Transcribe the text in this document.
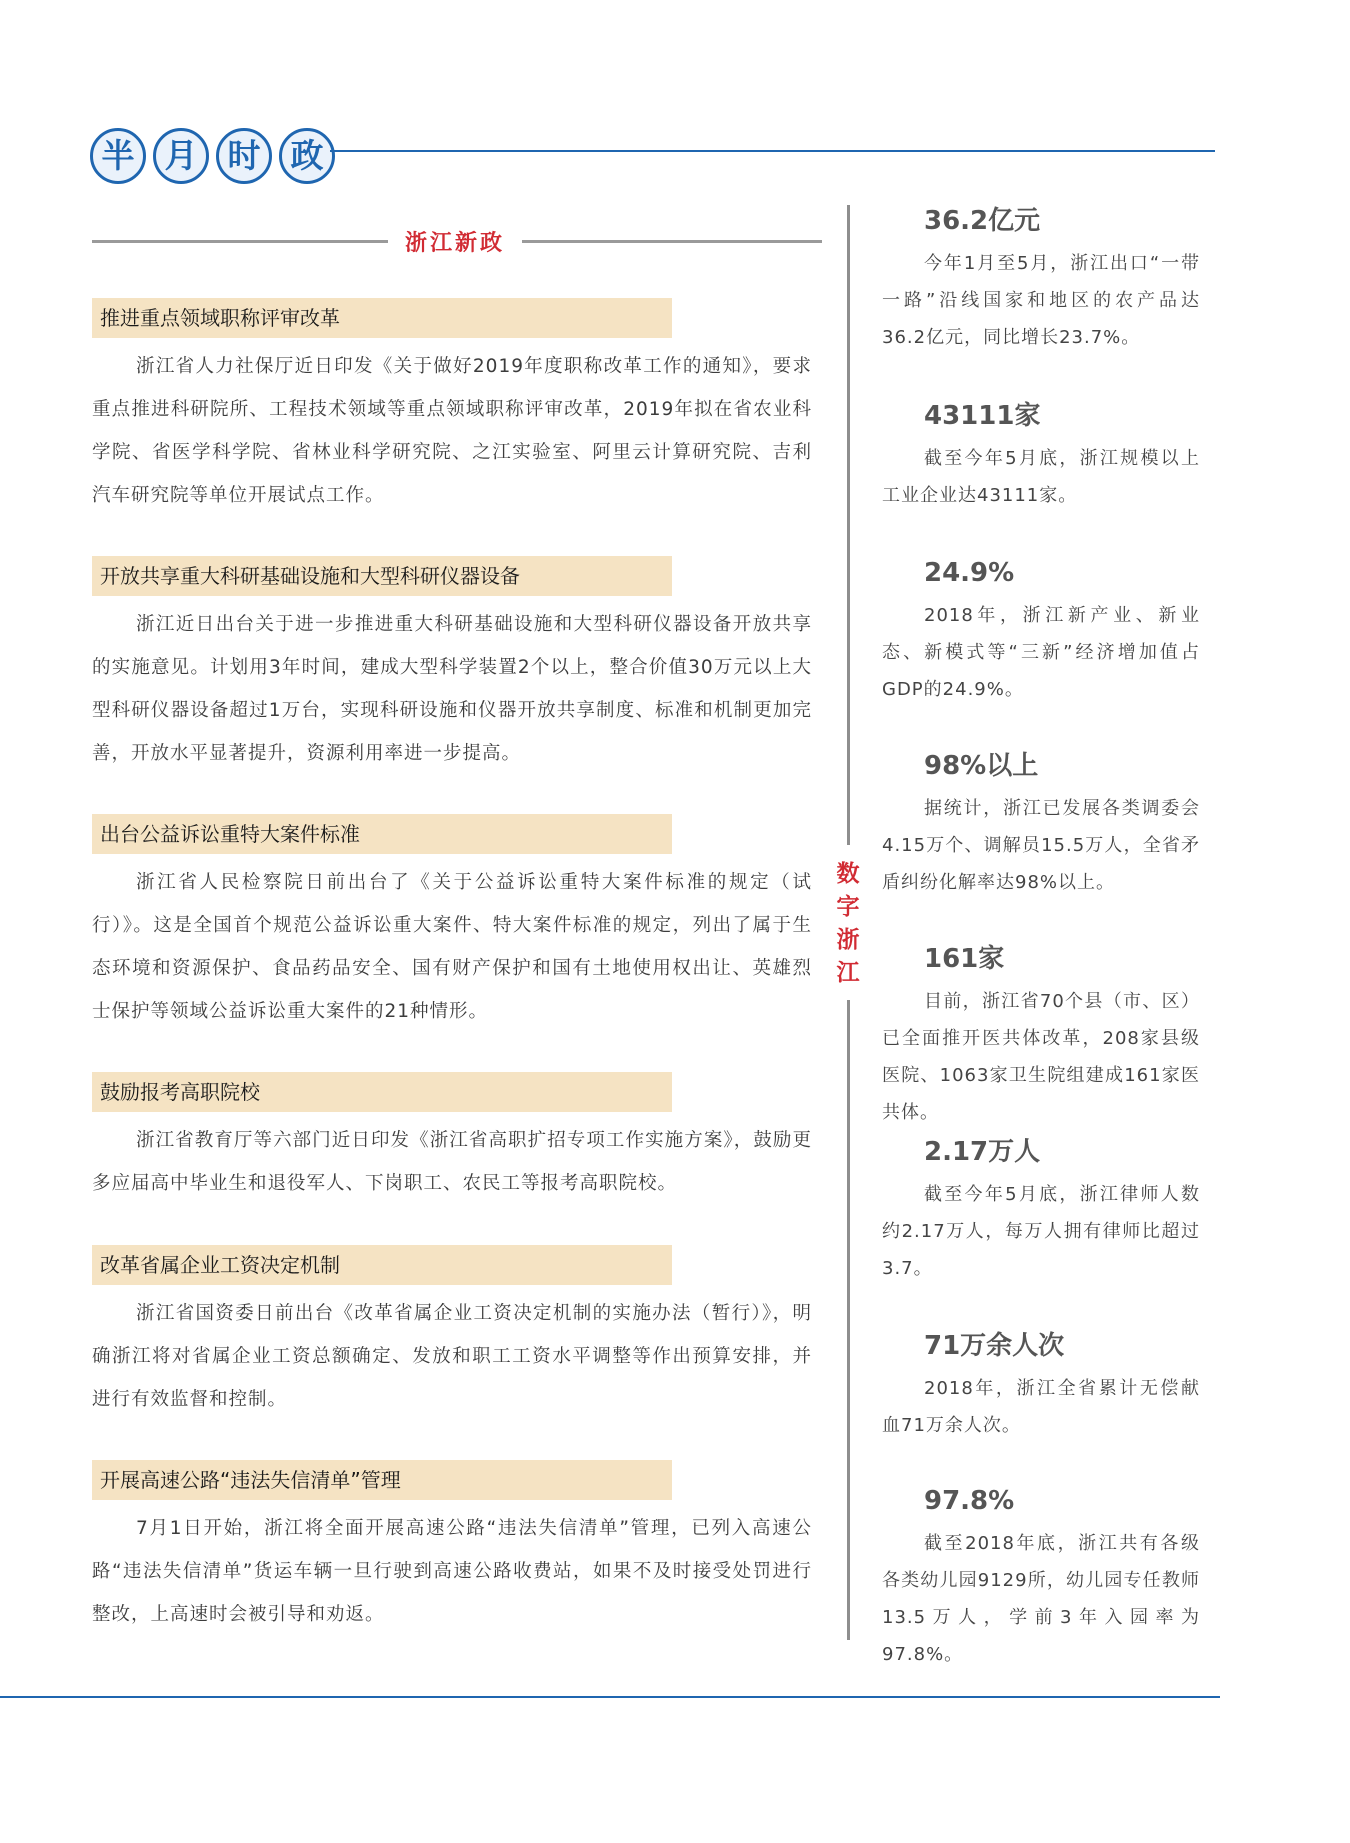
半 月 时 政
浙江新政
推进重点领域职称评审改革

浙江省人力社保厅近日印发《关于做好2019年度职称改革工作的通知》，要求重点推进科研院所、工程技术领域等重点领域职称评审改革，2019年拟在省农业科学院、省医学科学院、省林业科学研究院、之江实验室、阿里云计算研究院、吉利汽车研究院等单位开展试点工作。

开放共享重大科研基础设施和大型科研仪器设备

浙江近日出台关于进一步推进重大科研基础设施和大型科研仪器设备开放共享的实施意见。计划用3年时间，建成大型科学装置2个以上，整合价值30万元以上大型科研仪器设备超过1万台，实现科研设施和仪器开放共享制度、标准和机制更加完善，开放水平显著提升，资源利用率进一步提高。

出台公益诉讼重特大案件标准

浙江省人民检察院日前出台了《关于公益诉讼重特大案件标准的规定（试行）》。这是全国首个规范公益诉讼重大案件、特大案件标准的规定，列出了属于生态环境和资源保护、食品药品安全、国有财产保护和国有土地使用权出让、英雄烈士保护等领域公益诉讼重大案件的21种情形。

鼓励报考高职院校

浙江省教育厅等六部门近日印发《浙江省高职扩招专项工作实施方案》，鼓励更多应届高中毕业生和退役军人、下岗职工、农民工等报考高职院校。

改革省属企业工资决定机制

浙江省国资委日前出台《改革省属企业工资决定机制的实施办法（暂行）》，明确浙江将对省属企业工资总额确定、发放和职工工资水平调整等作出预算安排，并进行有效监督和控制。

开展高速公路“违法失信清单”管理

7月1日开始，浙江将全面开展高速公路“违法失信清单”管理，已列入高速公路“违法失信清单”货运车辆一旦行驶到高速公路收费站，如果不及时接受处罚进行整改，上高速时会被引导和劝返。

数
字
浙
江
36.2亿元
今年1月至5月，浙江出口“一带一路”沿线国家和地区的农产品达36.2亿元，同比增长23.7%。
43111家
截至今年5月底，浙江规模以上工业企业达43111家。
24.9%
2018年，浙江新产业、新业态、新模式等“三新”经济增加值占GDP的24.9%。
98%以上
据统计，浙江已发展各类调委会4.15万个、调解员15.5万人，全省矛盾纠纷化解率达98%以上。
161家
目前，浙江省70个县（市、区）已全面推开医共体改革，208家县级医院、1063家卫生院组建成161家医共体。
2.17万人
截至今年5月底，浙江律师人数约2.17万人，每万人拥有律师比超过3.7。
71万余人次
2018年，浙江全省累计无偿献血71万余人次。
97.8%
截至2018年底，浙江共有各级各类幼儿园9129所，幼儿园专任教师13.5万人，学前3年入园率为97.8%。
